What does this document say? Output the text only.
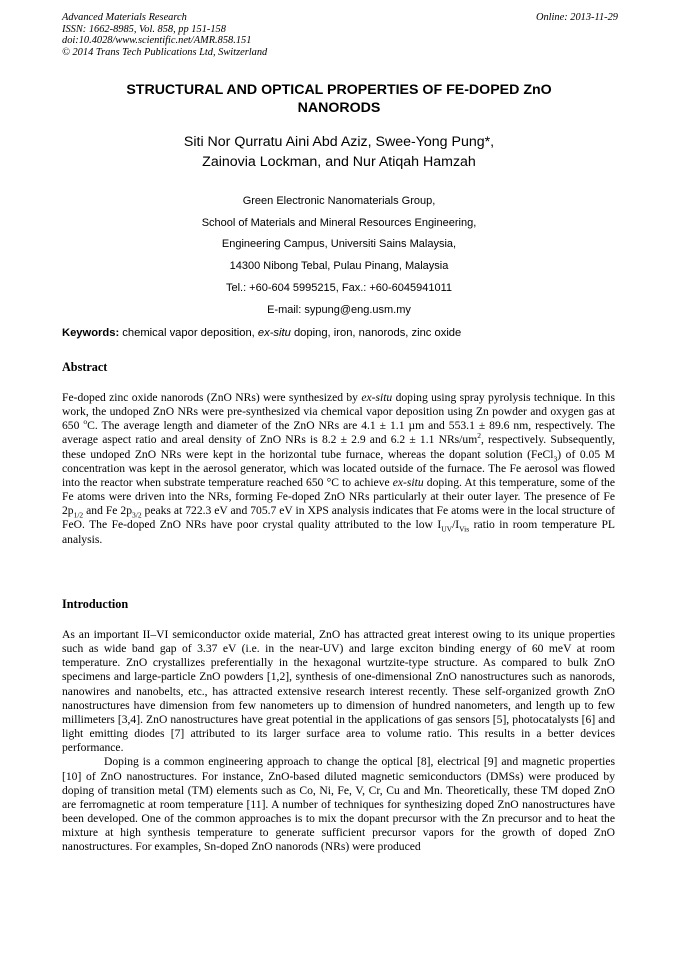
Advanced Materials Research
ISSN: 1662-8985, Vol. 858, pp 151-158
doi:10.4028/www.scientific.net/AMR.858.151
© 2014 Trans Tech Publications Ltd, Switzerland
Online: 2013-11-29
STRUCTURAL AND OPTICAL PROPERTIES OF FE-DOPED ZnO
NANORODS
Siti Nor Qurratu Aini Abd Aziz, Swee-Yong Pung*,
Zainovia Lockman, and Nur Atiqah Hamzah
Green Electronic Nanomaterials Group,
School of Materials and Mineral Resources Engineering,
Engineering Campus, Universiti Sains Malaysia,
14300 Nibong Tebal, Pulau Pinang, Malaysia
Tel.: +60-604 5995215, Fax.: +60-6045941011
E-mail: sypung@eng.usm.my
Keywords: chemical vapor deposition, ex-situ doping, iron, nanorods, zinc oxide
Abstract

Fe-doped zinc oxide nanorods (ZnO NRs) were synthesized by ex-situ doping using spray pyrolysis technique. In this work, the undoped ZnO NRs were pre-synthesized via chemical vapor deposition using Zn powder and oxygen gas at 650 $^o$C. The average length and diameter of the ZnO NRs are 4.1 ± 1.1 µm and 553.1 ± 89.6 nm, respectively. The average aspect ratio and areal density of ZnO NRs is 8.2 ± 2.9 and 6.2 ± 1.1 NRs/$um^2$, respectively. Subsequently, these undoped ZnO NRs were kept in the horizontal tube furnace, whereas the dopant solution (FeCl$_3$) of 0.05 M concentration was kept in the aerosol generator, which was located outside of the furnace. The Fe aerosol was flowed into the reactor when substrate temperature reached 650 °C to achieve ex-situ doping. At this temperature, some of the Fe atoms were driven into the NRs, forming Fe-doped ZnO NRs particularly at their outer layer. The presence of Fe $2p_{1/2}$ and Fe $2p_{3/2}$ peaks at 722.3 eV and 705.7 eV in XPS analysis indicates that Fe atoms were in the local structure of FeO. The Fe-doped ZnO NRs have poor crystal quality attributed to the low $I_{UV}/I_{Vis}$ ratio in room temperature PL analysis.

Introduction

As an important II–VI semiconductor oxide material, ZnO has attracted great interest owing to its unique properties such as wide band gap of 3.37 eV (i.e. in the near-UV) and large exciton binding energy of 60 meV at room temperature. ZnO crystallizes preferentially in the hexagonal wurtzite-type structure. As compared to bulk ZnO specimens and large-particle ZnO powders [1,2], synthesis of one-dimensional ZnO nanostructures such as nanorods, nanowires and nanobelts, etc., has attracted extensive research interest recently. These self-organized growth ZnO nanostructures have dimension from few nanometers up to dimension of hundred nanometers, and length up to few millimeters [3,4]. ZnO nanostructures have great potential in the applications of gas sensors [5], photocatalysts [6] and light emitting diodes [7] attributed to its larger surface area to volume ratio. This results in a better devices performance.

Doping is a common engineering approach to change the optical [8], electrical [9] and magnetic properties [10] of ZnO nanostructures. For instance, ZnO-based diluted magnetic semiconductors (DMSs) were produced by doping of transition metal (TM) elements such as Co, Ni, Fe, V, Cr, Cu and Mn. Theoretically, these TM doped ZnO are ferromagnetic at room temperature [11]. A number of techniques for synthesizing doped ZnO nanostructures have been developed. One of the common approaches is to mix the dopant precursor with the Zn precursor and to heat the mixture at high synthesis temperature to generate sufficient precursor vapors for the growth of doped ZnO nanostructures. For examples, Sn-doped ZnO nanorods (NRs) were produced
